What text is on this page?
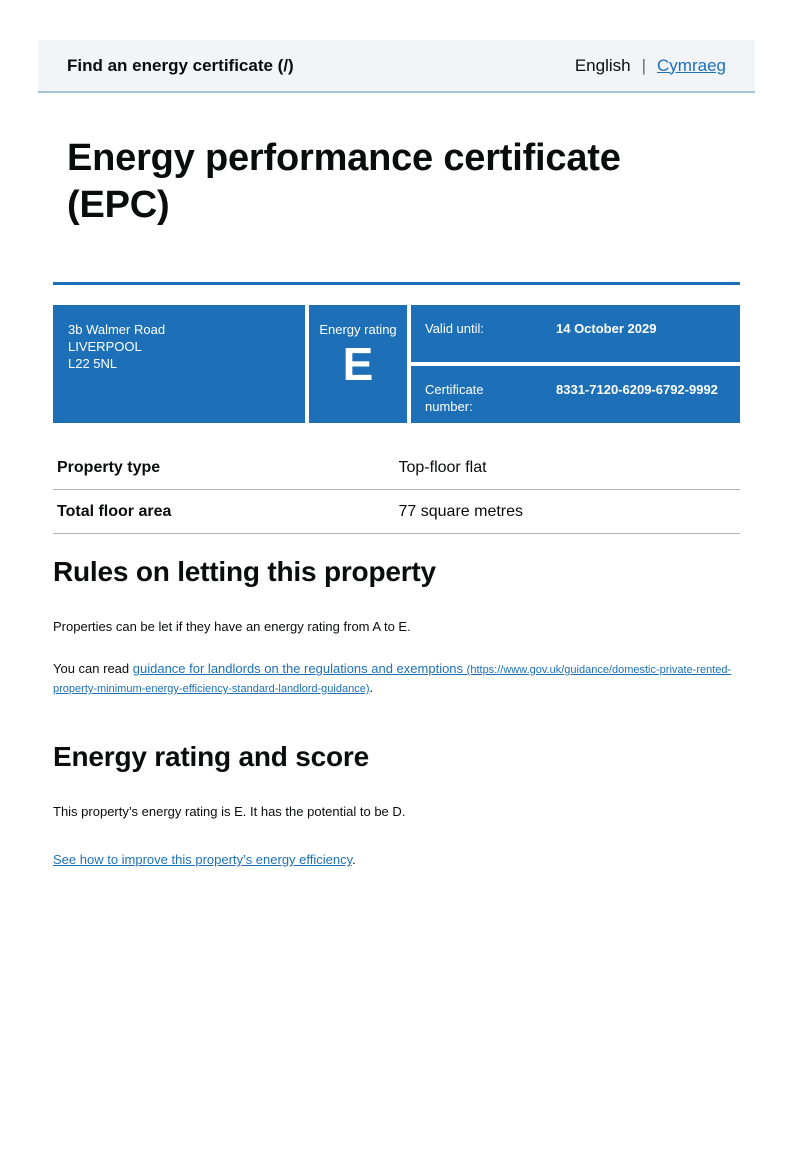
Find an energy certificate (/)	English | Cymraeg
Energy performance certificate (EPC)
3b Walmer Road
LIVERPOOL
L22 5NL
Energy rating
E
Valid until:	14 October 2029
Certificate number:
8331-7120-6209-6792-9992
Property type	Top-floor flat
Total floor area	77 square metres
Rules on letting this property

Properties can be let if they have an energy rating from A to E.

You can read guidance for landlords on the regulations and exemptions (https://www.gov.uk/guidance/domestic-private-rented-property-minimum-energy-efficiency-standard-landlord-guidance).

Energy rating and score

This property’s energy rating is E. It has the potential to be D.

See how to improve this property’s energy efficiency.
